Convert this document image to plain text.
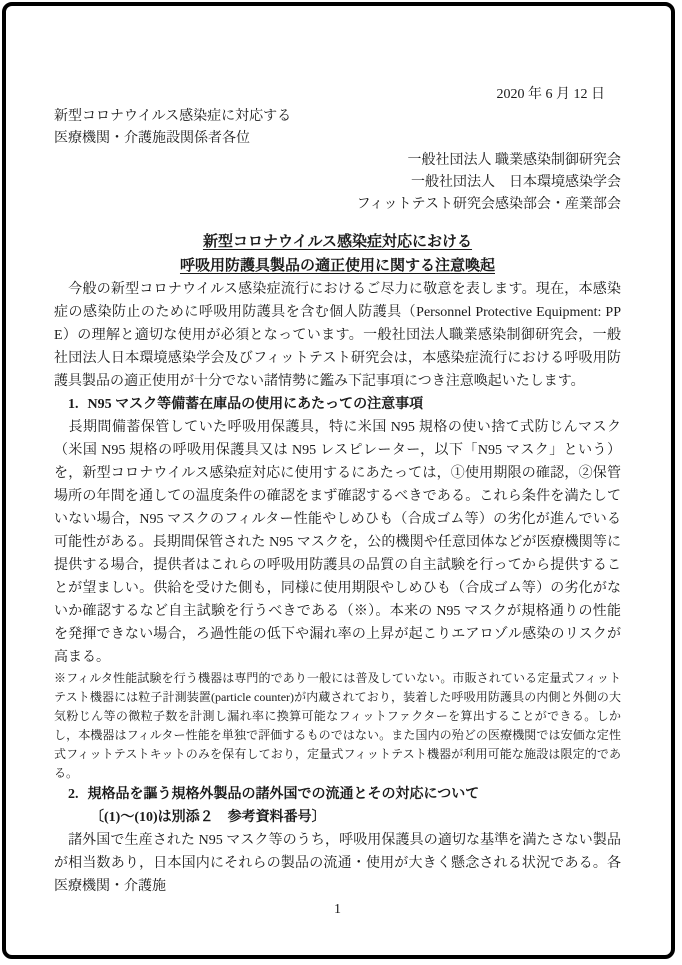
2020 年 6 月 12 日

新型コロナウイルス感染症に対応する

医療機関・介護施設関係者各位

一般社団法人 職業感染制御研究会

一般社団法人　日本環境感染学会

フィットテスト研究会感染部会・産業部会

新型コロナウイルス感染症対応における

呼吸用防護具製品の適正使用に関する注意喚起

　今般の新型コロナウイルス感染症流行におけるご尽力に敬意を表します。現在，本感染症の感染防止のために呼吸用防護具を含む個人防護具（Personnel Protective Equipment: PPE）の理解と適切な使用が必須となっています。一般社団法人職業感染制御研究会，一般社団法人日本環境感染学会及びフィットテスト研究会は，本感染症流行における呼吸用防護具製品の適正使用が十分でない諸情勢に鑑み下記事項につき注意喚起いたします。

1. N95 マスク等備蓄在庫品の使用にあたっての注意事項

　長期間備蓄保管していた呼吸用保護具，特に米国 N95 規格の使い捨て式防じんマスク（米国 N95 規格の呼吸用保護具又は N95 レスピレーター，以下「N95 マスク」という）を，新型コロナウイルス感染症対応に使用するにあたっては，①使用期限の確認，②保管場所の年間を通しての温度条件の確認をまず確認するべきである。これら条件を満たしていない場合，N95 マスクのフィルター性能やしめひも（合成ゴム等）の劣化が進んでいる可能性がある。長期間保管された N95 マスクを，公的機関や任意団体などが医療機関等に提供する場合，提供者はこれらの呼吸用防護具の品質の自主試験を行ってから提供することが望ましい。供給を受けた側も，同様に使用期限やしめひも（合成ゴム等）の劣化がないか確認するなど自主試験を行うべきである（※）。本来の N95 マスクが規格通りの性能を発揮できない場合，ろ過性能の低下や漏れ率の上昇が起こりエアロゾル感染のリスクが高まる。

※フィルタ性能試験を行う機器は専門的であり一般には普及していない。市販されている定量式フィットテスト機器には粒子計測装置(particle counter)が内蔵されており，装着した呼吸用防護具の内側と外側の大気粉じん等の微粒子数を計測し漏れ率に換算可能なフィットファクターを算出することができる。しかし，本機器はフィルター性能を単独で評価するものではない。また国内の殆どの医療機関では安価な定性式フィットテストキットのみを保有しており，定量式フィットテスト機器が利用可能な施設は限定的である。

2. 規格品を謳う規格外製品の諸外国での流通とその対応について

〔(1)～(10)は別添２　参考資料番号〕

　諸外国で生産された N95 マスク等のうち，呼吸用保護具の適切な基準を満たさない製品が相当数あり，日本国内にそれらの製品の流通・使用が大きく懸念される状況である。各医療機関・介護施

1
